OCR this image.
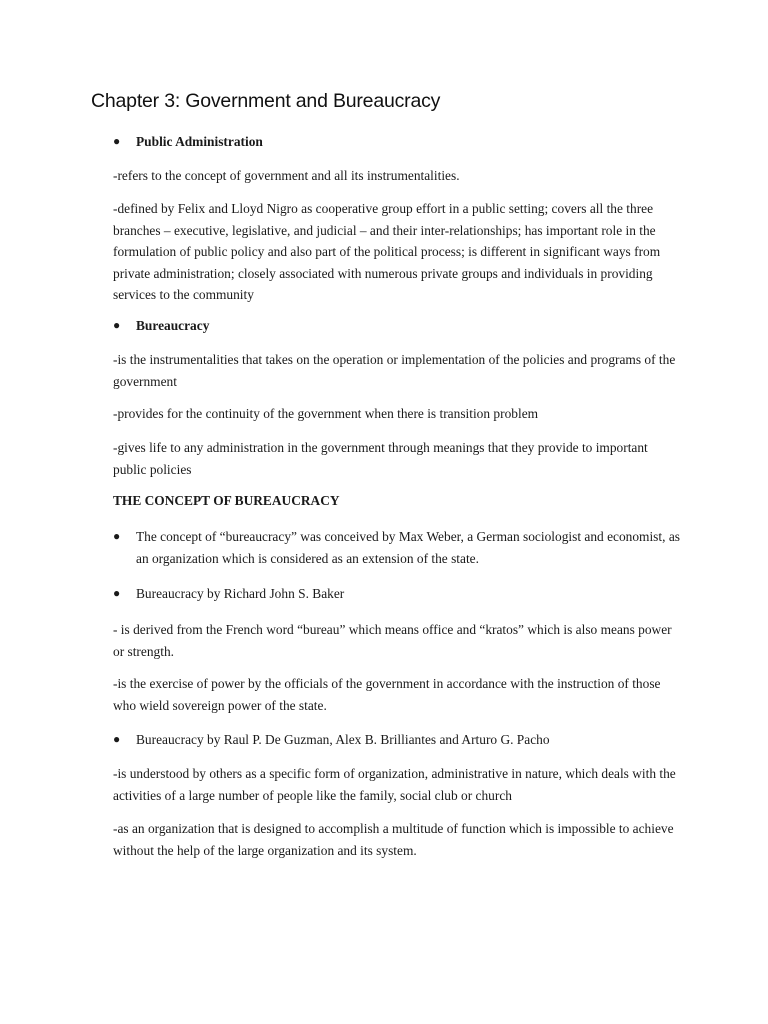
Chapter 3: Government and Bureaucracy
●	Public Administration

-refers to the concept of government and all its instrumentalities.

-defined by Felix and Lloyd Nigro as cooperative group effort in a public setting; covers all the three branches – executive, legislative, and judicial – and their inter-relationships; has important role in the formulation of public policy and also part of the political process; is different in significant ways from private administration; closely associated with numerous private groups and individuals in providing services to the community

●	Bureaucracy

-is the instrumentalities that takes on the operation or implementation of the policies and programs of the government

-provides for the continuity of the government when there is transition problem

-gives life to any administration in the government through meanings that they provide to important public policies

THE CONCEPT OF BUREAUCRACY
●	The concept of “bureaucracy” was conceived by Max Weber, a German sociologist and economist, as an organization which is considered as an extension of the state.
●	Bureaucracy by Richard John S. Baker

- is derived from the French word “bureau” which means office and “kratos” which is also means power or strength.

-is the exercise of power by the officials of the government in accordance with the instruction of those who wield sovereign power of the state.

●	Bureaucracy by Raul P. De Guzman, Alex B. Brilliantes and Arturo G. Pacho

-is understood by others as a specific form of organization, administrative in nature, which deals with the activities of a large number of people like the family, social club or church

-as an organization that is designed to accomplish a multitude of function which is impossible to achieve without the help of the large organization and its system.
